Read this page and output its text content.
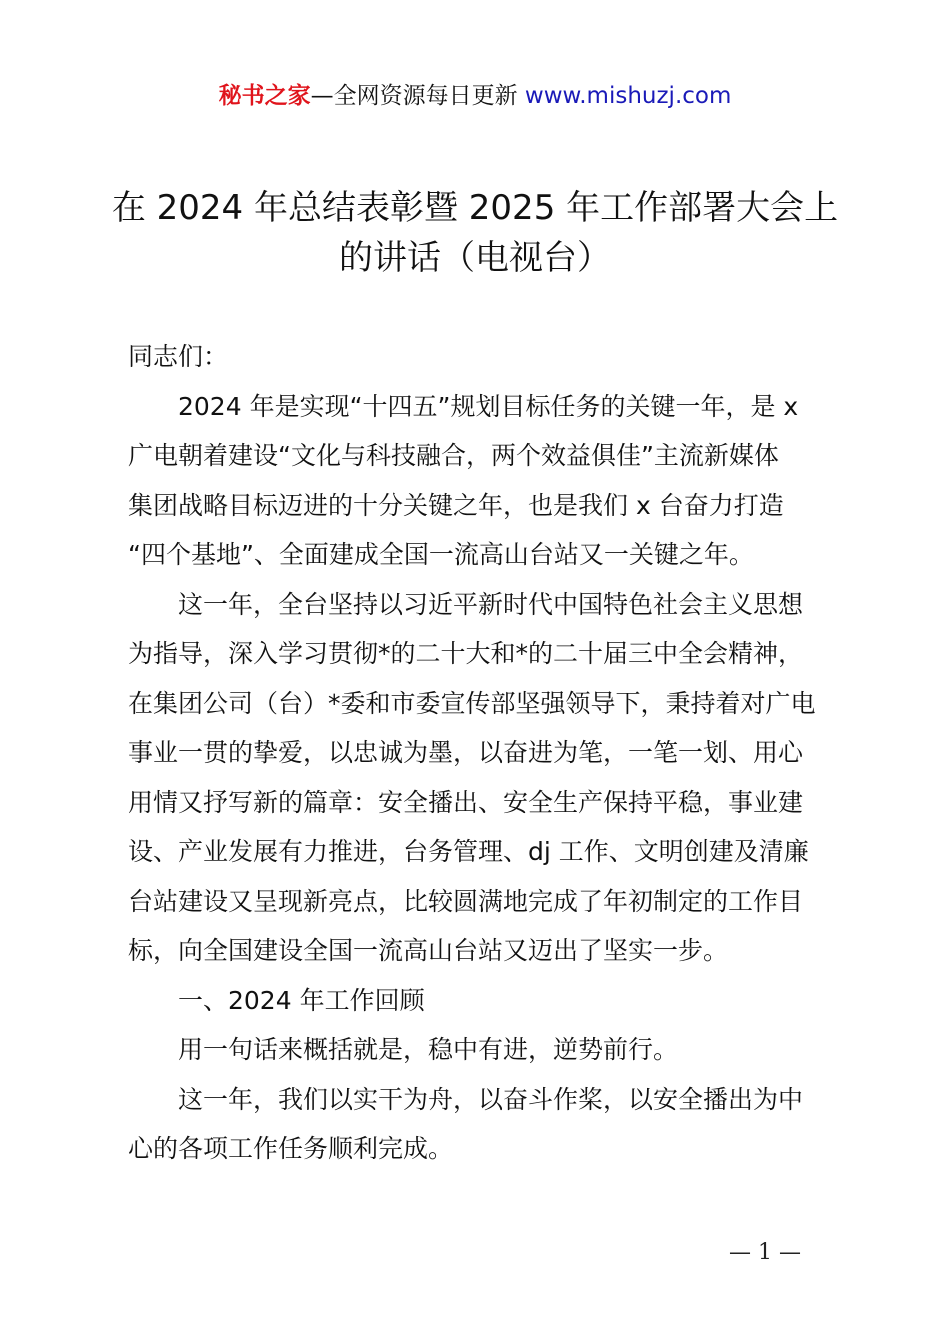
秘书之家—全网资源每日更新 www.mishuzj.com
在 2024 年总结表彰暨 2025 年工作部署大会上
的讲话（电视台）
同志们：
2024 年是实现“十四五”规划目标任务的关键一年，是 x
广电朝着建设“文化与科技融合，两个效益俱佳”主流新媒体
集团战略目标迈进的十分关键之年，也是我们 x 台奋力打造
“四个基地”、全面建成全国一流高山台站又一关键之年。
这一年，全台坚持以习近平新时代中国特色社会主义思想
为指导，深入学习贯彻*的二十大和*的二十届三中全会精神，
在集团公司（台）*委和市委宣传部坚强领导下，秉持着对广电
事业一贯的挚爱，以忠诚为墨，以奋进为笔，一笔一划、用心
用情又抒写新的篇章：安全播出、安全生产保持平稳，事业建
设、产业发展有力推进，台务管理、dj 工作、文明创建及清廉
台站建设又呈现新亮点，比较圆满地完成了年初制定的工作目
标，向全国建设全国一流高山台站又迈出了坚实一步。
一、2024 年工作回顾
用一句话来概括就是，稳中有进，逆势前行。
这一年，我们以实干为舟，以奋斗作桨，以安全播出为中
心的各项工作任务顺利完成。
— 1 —
